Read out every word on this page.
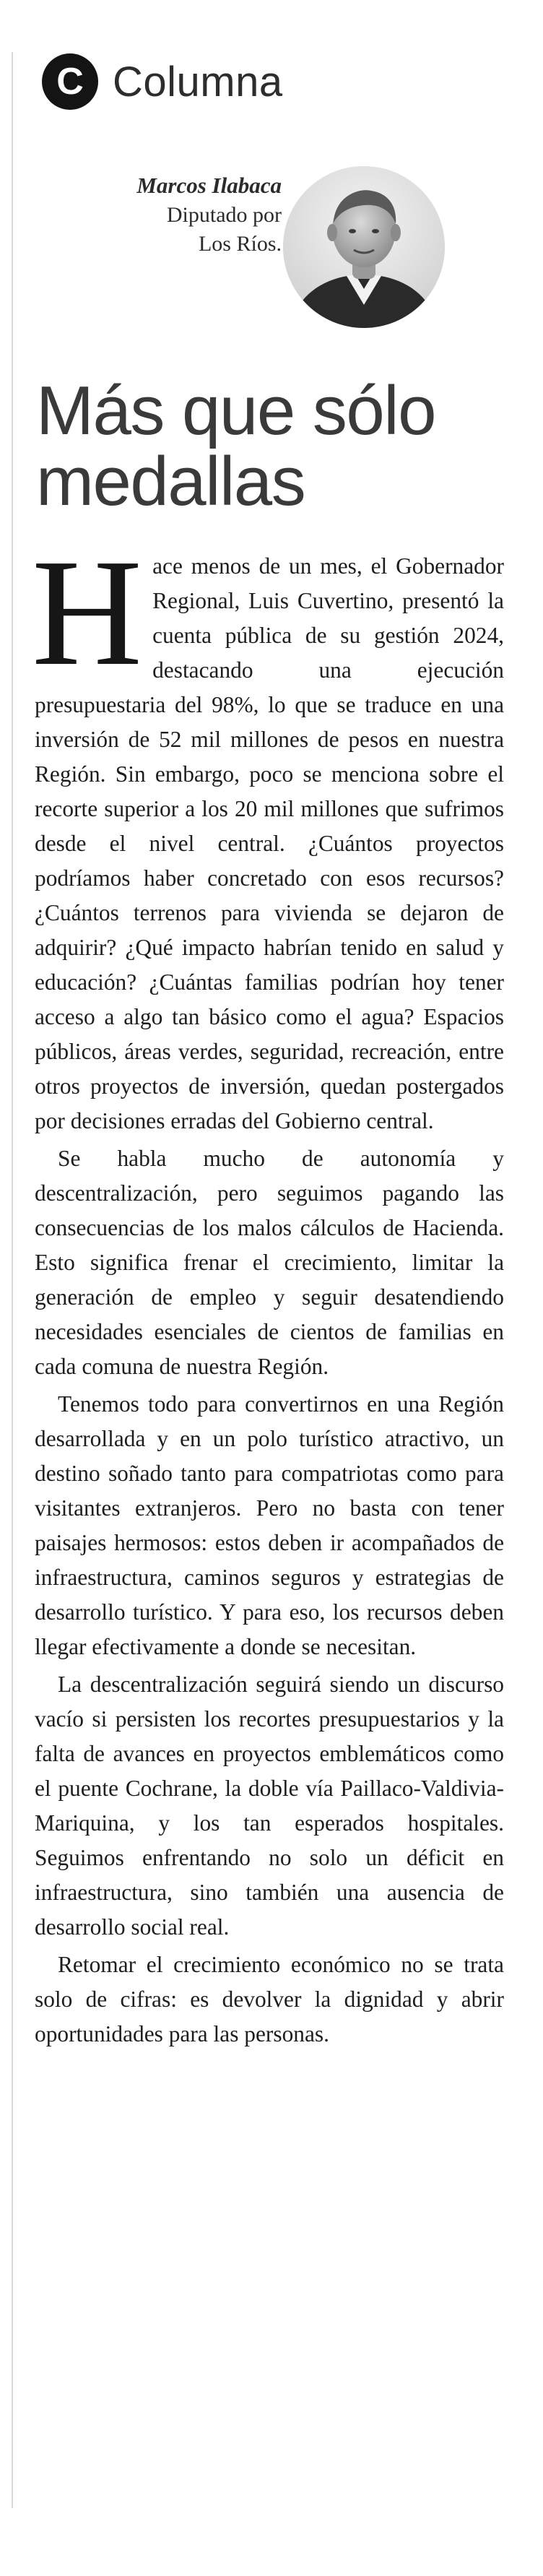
C Columna
Marcos Ilabaca
Diputado por
Los Ríos.
Más que sólo
medallas

Hace menos de un mes, el Gobernador Regional, Luis Cuvertino, presentó la cuenta pública de su gestión 2024, destacando una ejecución presupuestaria del 98%, lo que se traduce en una inversión de 52 mil millones de pesos en nuestra Región. Sin embargo, poco se menciona sobre el recorte superior a los 20 mil millones que sufrimos desde el nivel central. ¿Cuántos proyectos podríamos haber concretado con esos recursos? ¿Cuántos terrenos para vivienda se dejaron de adquirir? ¿Qué impacto habrían tenido en salud y educación? ¿Cuántas familias podrían hoy tener acceso a algo tan básico como el agua? Espacios públicos, áreas verdes, seguridad, recreación, entre otros proyectos de inversión, quedan postergados por decisiones erradas del Gobierno central.

Se habla mucho de autonomía y descentralización, pero seguimos pagando las consecuencias de los malos cálculos de Hacienda. Esto significa frenar el crecimiento, limitar la generación de empleo y seguir desatendiendo necesidades esenciales de cientos de familias en cada comuna de nuestra Región.

Tenemos todo para convertirnos en una Región desarrollada y en un polo turístico atractivo, un destino soñado tanto para compatriotas como para visitantes extranjeros. Pero no basta con tener paisajes hermosos: estos deben ir acompañados de infraestructura, caminos seguros y estrategias de desarrollo turístico. Y para eso, los recursos deben llegar efectivamente a donde se necesitan.

La descentralización seguirá siendo un discurso vacío si persisten los recortes presupuestarios y la falta de avances en proyectos emblemáticos como el puente Cochrane, la doble vía Paillaco-Valdivia-Mariquina, y los tan esperados hospitales. Seguimos enfrentando no solo un déficit en infraestructura, sino también una ausencia de desarrollo social real.

Retomar el crecimiento económico no se trata solo de cifras: es devolver la dignidad y abrir oportunidades para las personas.
